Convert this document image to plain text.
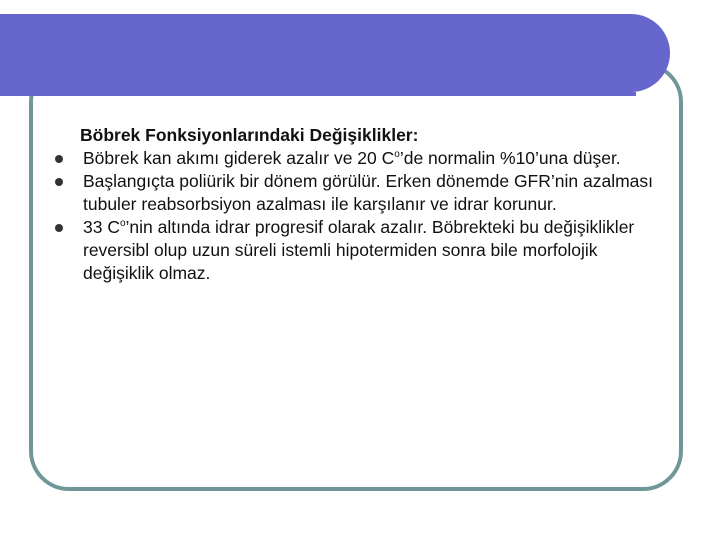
Böbrek Fonksiyonlarındaki Değişiklikler:
Böbrek kan akımı giderek azalır ve 20 $C^o’de$ normalin %10’una düşer.
Başlangıçta poliürik bir dönem görülür. Erken dönemde GFR’nin azalması tubuler reabsorbsiyon azalması ile karşılanır ve idrar korunur.
33 $C^o’nin$ altında idrar progresif olarak azalır. Böbrekteki bu değişiklikler reversibl olup uzun süreli istemli hipotermiden sonra bile morfolojik değişiklik olmaz.
